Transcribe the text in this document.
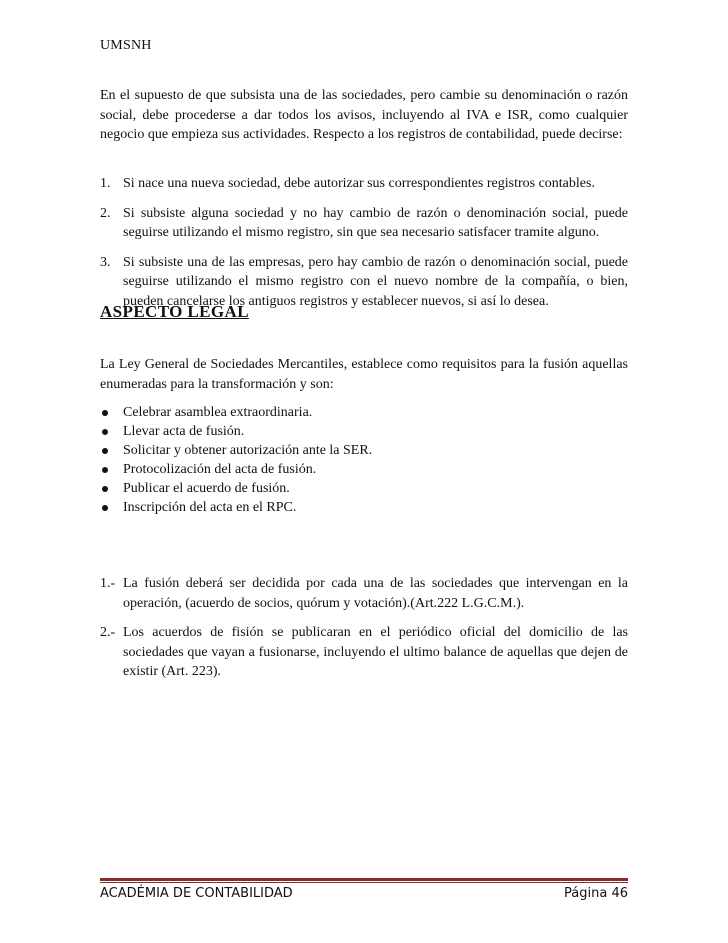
UMSNH

En el supuesto de que subsista una de las sociedades, pero cambie su denominación o razón social, debe procederse a dar todos los avisos, incluyendo al IVA e ISR, como cualquier negocio que empieza sus actividades. Respecto a los registros de contabilidad, puede decirse:

1. Si nace una nueva sociedad, debe autorizar sus correspondientes registros contables.
2. Si subsiste alguna sociedad y no hay cambio de razón o denominación social, puede seguirse utilizando el mismo registro, sin que sea necesario satisfacer tramite alguno.
3. Si subsiste una de las empresas, pero hay cambio de razón o denominación social, puede seguirse utilizando el mismo registro con el nuevo nombre de la compañía, o bien, pueden cancelarse los antiguos registros y establecer nuevos, si así lo desea.
ASPECTO LEGAL

La Ley General de Sociedades Mercantiles, establece como requisitos para la fusión aquellas enumeradas para la transformación y son:

Celebrar asamblea extraordinaria.
Llevar acta de fusión.
Solicitar y obtener autorización ante la SER.
Protocolización del acta de fusión.
Publicar el acuerdo de fusión.
Inscripción del acta en el RPC.
1.- La fusión deberá ser decidida por cada una de las sociedades que intervengan en la operación, (acuerdo de socios, quórum y votación).(Art.222 L.G.C.M.).
2.- Los acuerdos de fisión se publicaran en el periódico oficial del domicilio de las sociedades que vayan a fusionarse, incluyendo el ultimo balance de aquellas que dejen de existir (Art. 223).
ACADÉMIA DE CONTABILIDAD	Página 46
